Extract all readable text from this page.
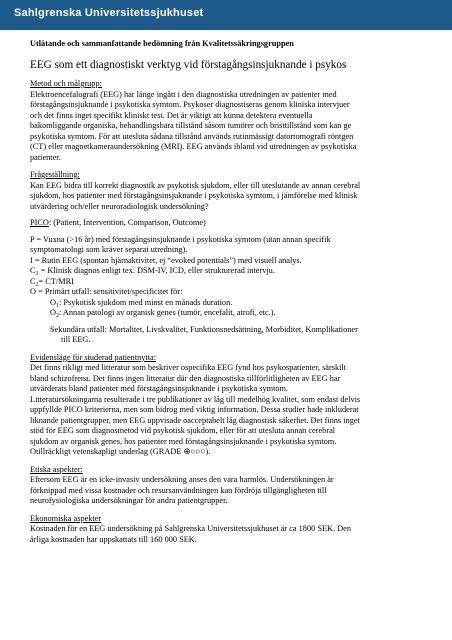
Sahlgrenska Universitetssjukhuset
Utlåtande och sammanfattande bedömning från Kvalitetssäkringsgruppen
EEG som ett diagnostiskt verktyg vid förstagångsinsjuknande i psykos
Metod och målgrupp:
Elektroencefalografi (EEG) har länge ingått i den diagnostiska utredningen av patienter med
förstagångsinsjuknande i psykotiska symtom. Psykoser diagnostiseras genom kliniska intervjuer
och det finns inget specifikt kliniskt test. Det är viktigt att kunna detektera eventuella
bakomliggande organiska, behandlingsbara tillstånd såsom tumörer och bristtillstånd som kan ge
psykotiska symtom. För att utesluta sådana tillstånd används rutinmässigt datortomografi röntgen
(CT) eller magnetkameraundersökning (MRI). EEG används ibland vid utredningen av psykotiska
patienter.
Frågeställning:
Kan EEG bidra till korrekt diagnostik av psykotisk sjukdom, eller till uteslutande av annan cerebral
sjukdom, hos patienter med förstagångsinsjuknande i psykotiska symtom, i jämförelse med klinisk
utvärdering och/eller neuroradiologisk undersökning?
PICO: (Patient, Intervention, Comparison, Outcome)
P = Vuxna (>16 år) med förstagångsinsjuknande i psykotiska symtom (utan annan specifik
symptomatologi som kräver separat utredning).
I = Rutin EEG (spontan hjärnaktivitet, ej “evoked potentials”) med visuell analys.
$C_1$ = Klinisk diagnos enligt tex. DSM-IV, ICD, eller strukturerad intervju.
$C_2= CT/MRI$
O = Primärt utfall: sensitivitet/specificitet för:
$O_1$: Psykotisk sjukdom med minst en månads duration.
$O_2$: Annan patologi av organisk genes (tumör, encefalit, atrofi, etc.).
Sekundära utfall: Mortalitet, Livskvalitet, Funktionsnedsättning, Morbiditet, Komplikationer
till EEG.
Evidensläge för studerad patientnytta:
Det finns rikligt med litteratur som beskriver ospecifika EEG fynd hos psykospatienter, särskilt
bland schizofrena. Det finns ingen litteratur där den diagnostiska tillförlitligheten av EEG har
utvärderats bland patienter med förstagångsinsjuknande i psykotiska symtom.
Litteratursökningarna resulterade i tre publikationer av låg till medelhög kvalitet, som endast delvis
uppfyllde PICO kriterierna, men som bidrog med viktig information. Dessa studier hade inkluderat
liknande patientgrupper, men EEG uppvisade oacceptabelt låg diagnostisk säkerhet. Det finns inget
stöd för EEG som diagnosmetod vid psykotisk sjukdom, eller för att utesluta annan cerebral
sjukdom av organisk genes, hos patienter med förstagångsinsjuknande i psykotiska symtom.
Otillräckligt vetenskapligt underlag (GRADE ⊕○○○).
Etiska aspekter:
Eftersom EEG är en icke-invasiv undersökning anses den vara harmlös. Undersökningen är
förknippad med vissa kostnader och resursanvändningen kan fördröja tillgängligheten till
neurofysiologiska undersökningar för andra patientgrupper.
Ekonomiska aspekter
Kostnaden för en EEG undersökning på Sahlgrenska Universitetssjukhuset är ca 1800 SEK. Den
årliga kostnaden har uppskattats till 160 000 SEK.
